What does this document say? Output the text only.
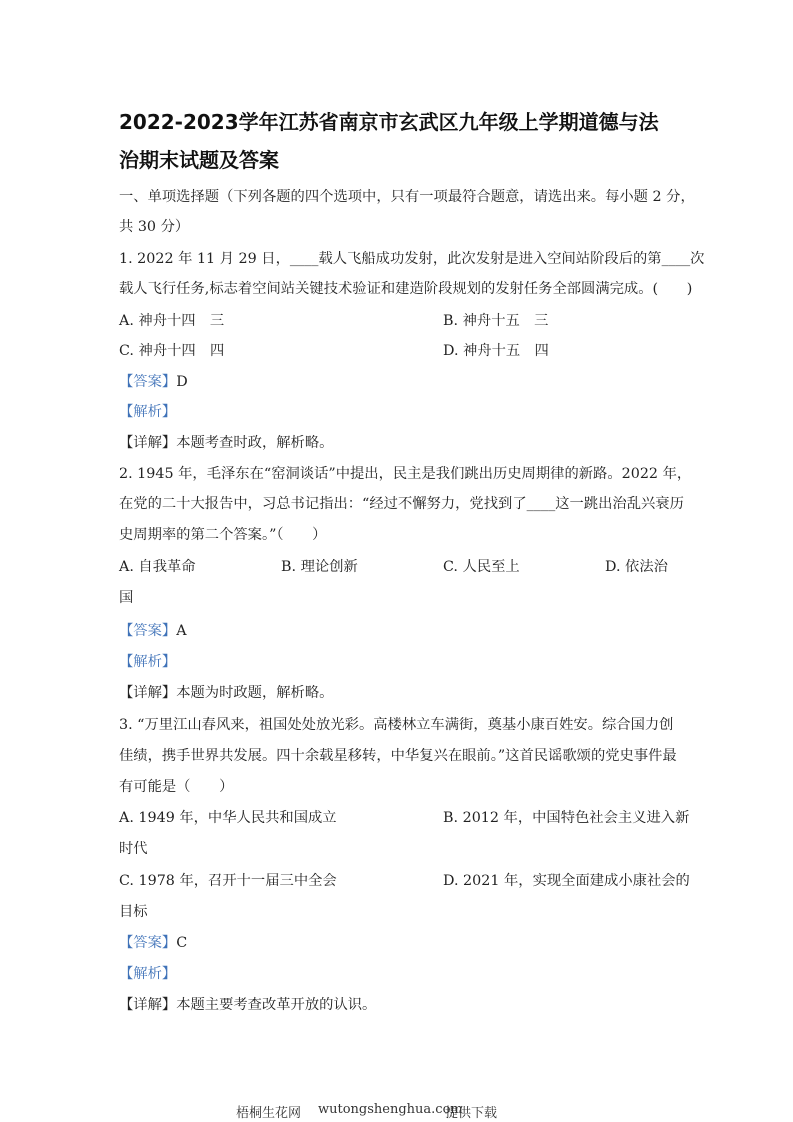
2022-2023学年江苏省南京市玄武区九年级上学期道德与法
治期末试题及答案
一、单项选择题（下列各题的四个选项中，只有一项最符合题意，请选出来。每小题 2 分，
共 30 分）
1. 2022 年 11 月 29 日，____载人飞船成功发射，此次发射是进入空间站阶段后的第____次
载人飞行任务,标志着空间站关键技术验证和建造阶段规划的发射任务全部圆满完成。(　　)
A. 神舟十四　三	B. 神舟十五　三
C. 神舟十四　四	D. 神舟十五　四
【答案】D
【解析】
【详解】本题考查时政，解析略。
2. 1945 年，毛泽东在“窑洞谈话”中提出，民主是我们跳出历史周期律的新路。2022 年，
在党的二十大报告中，习总书记指出：“经过不懈努力，党找到了____这一跳出治乱兴衰历
史周期率的第二个答案。”（　　）
A. 自我革命	B. 理论创新	C. 人民至上	D. 依法治
国
【答案】A
【解析】
【详解】本题为时政题，解析略。
3. “万里江山春风来，祖国处处放光彩。高楼林立车满街，奠基小康百姓安。综合国力创
佳绩，携手世界共发展。四十余载星移转，中华复兴在眼前。”这首民谣歌颂的党史事件最
有可能是（　　）
A. 1949 年，中华人民共和国成立	B. 2012 年，中国特色社会主义进入新
时代
C. 1978 年，召开十一届三中全会	D. 2021 年，实现全面建成小康社会的
目标
【答案】C
【解析】
【详解】本题主要考查改革开放的认识。
梧桐生花网 wutongshenghua.com
提供下载
